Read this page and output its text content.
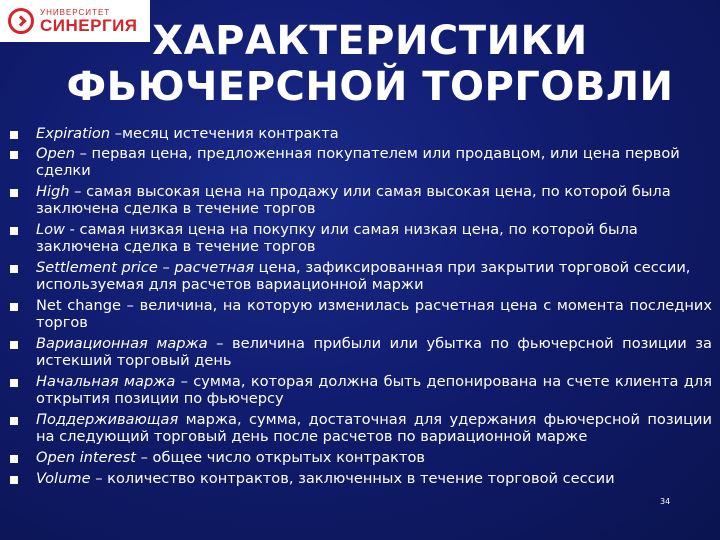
УНИВЕРСИТЕТ
СИНЕРГИЯ ХАРАКТЕРИСТИКИ
ФЬЮЧЕРСНОЙ ТОРГОВЛИ
Expiration –месяц истечения контракта
Open – первая цена, предложенная покупателем или продавцом, или цена первой сделки
High – самая высокая цена на продажу или самая высокая цена, по которой была заключена сделка в течение торгов
Low - самая низкая цена на покупку или самая низкая цена, по которой была заключена сделка в течение торгов
Settlement price – расчетная цена, зафиксированная при закрытии торговой сессии, используемая для расчетов вариационной маржи
Net change – величина, на которую изменилась расчетная цена с момента последних торгов
Вариационная маржа – величина прибыли или убытка по фьючерсной позиции за истекший торговый день
Начальная маржа – сумма, которая должна быть депонирована на счете клиента для открытия позиции по фьючерсу
Поддерживающая маржа, сумма, достаточная для удержания фьючерсной позиции на следующий торговый день после расчетов по вариационной марже
Open interest – общее число открытых контрактов
Volume – количество контрактов, заключенных в течение торговой сессии
34
